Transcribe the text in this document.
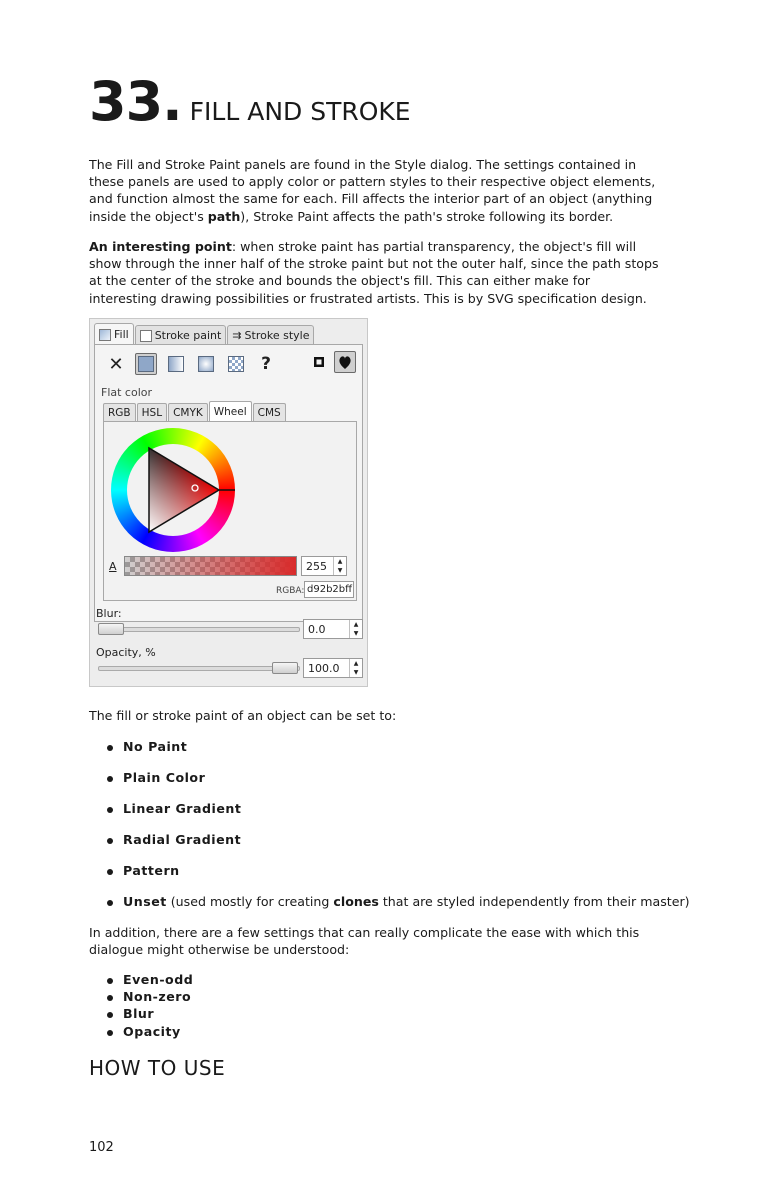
33. FILL AND STROKE

The Fill and Stroke Paint panels are found in the Style dialog. The settings contained in these panels are used to apply color or pattern styles to their respective object elements, and function almost the same for each. Fill affects the interior part of an object (anything inside the object's path), Stroke Paint affects the path's stroke following its border.

An interesting point: when stroke paint has partial transparency, the object's fill will show through the inner half of the stroke paint but not the outer half, since the path stops at the center of the stroke and bounds the object's fill. This can either make for interesting drawing possibilities or frustrated artists. This is by SVG specification design.

Fill Stroke paint ⇉ Stroke style
✕	?
Flat color
RGB	HSL	CMYK	Wheel	CMS
A	255	▲
▼
RGBA: d92b2bff
Blur:
0.0	▲
▼
Opacity, %
100.0	▲
▼

The fill or stroke paint of an object can be set to:

No Paint
Plain Color
Linear Gradient
Radial Gradient
Pattern
Unset (used mostly for creating clones that are styled independently from their master)

In addition, there are a few settings that can really complicate the ease with which this dialogue might otherwise be understood:

Even-odd
Non-zero
Blur
Opacity
HOW TO USE
102
